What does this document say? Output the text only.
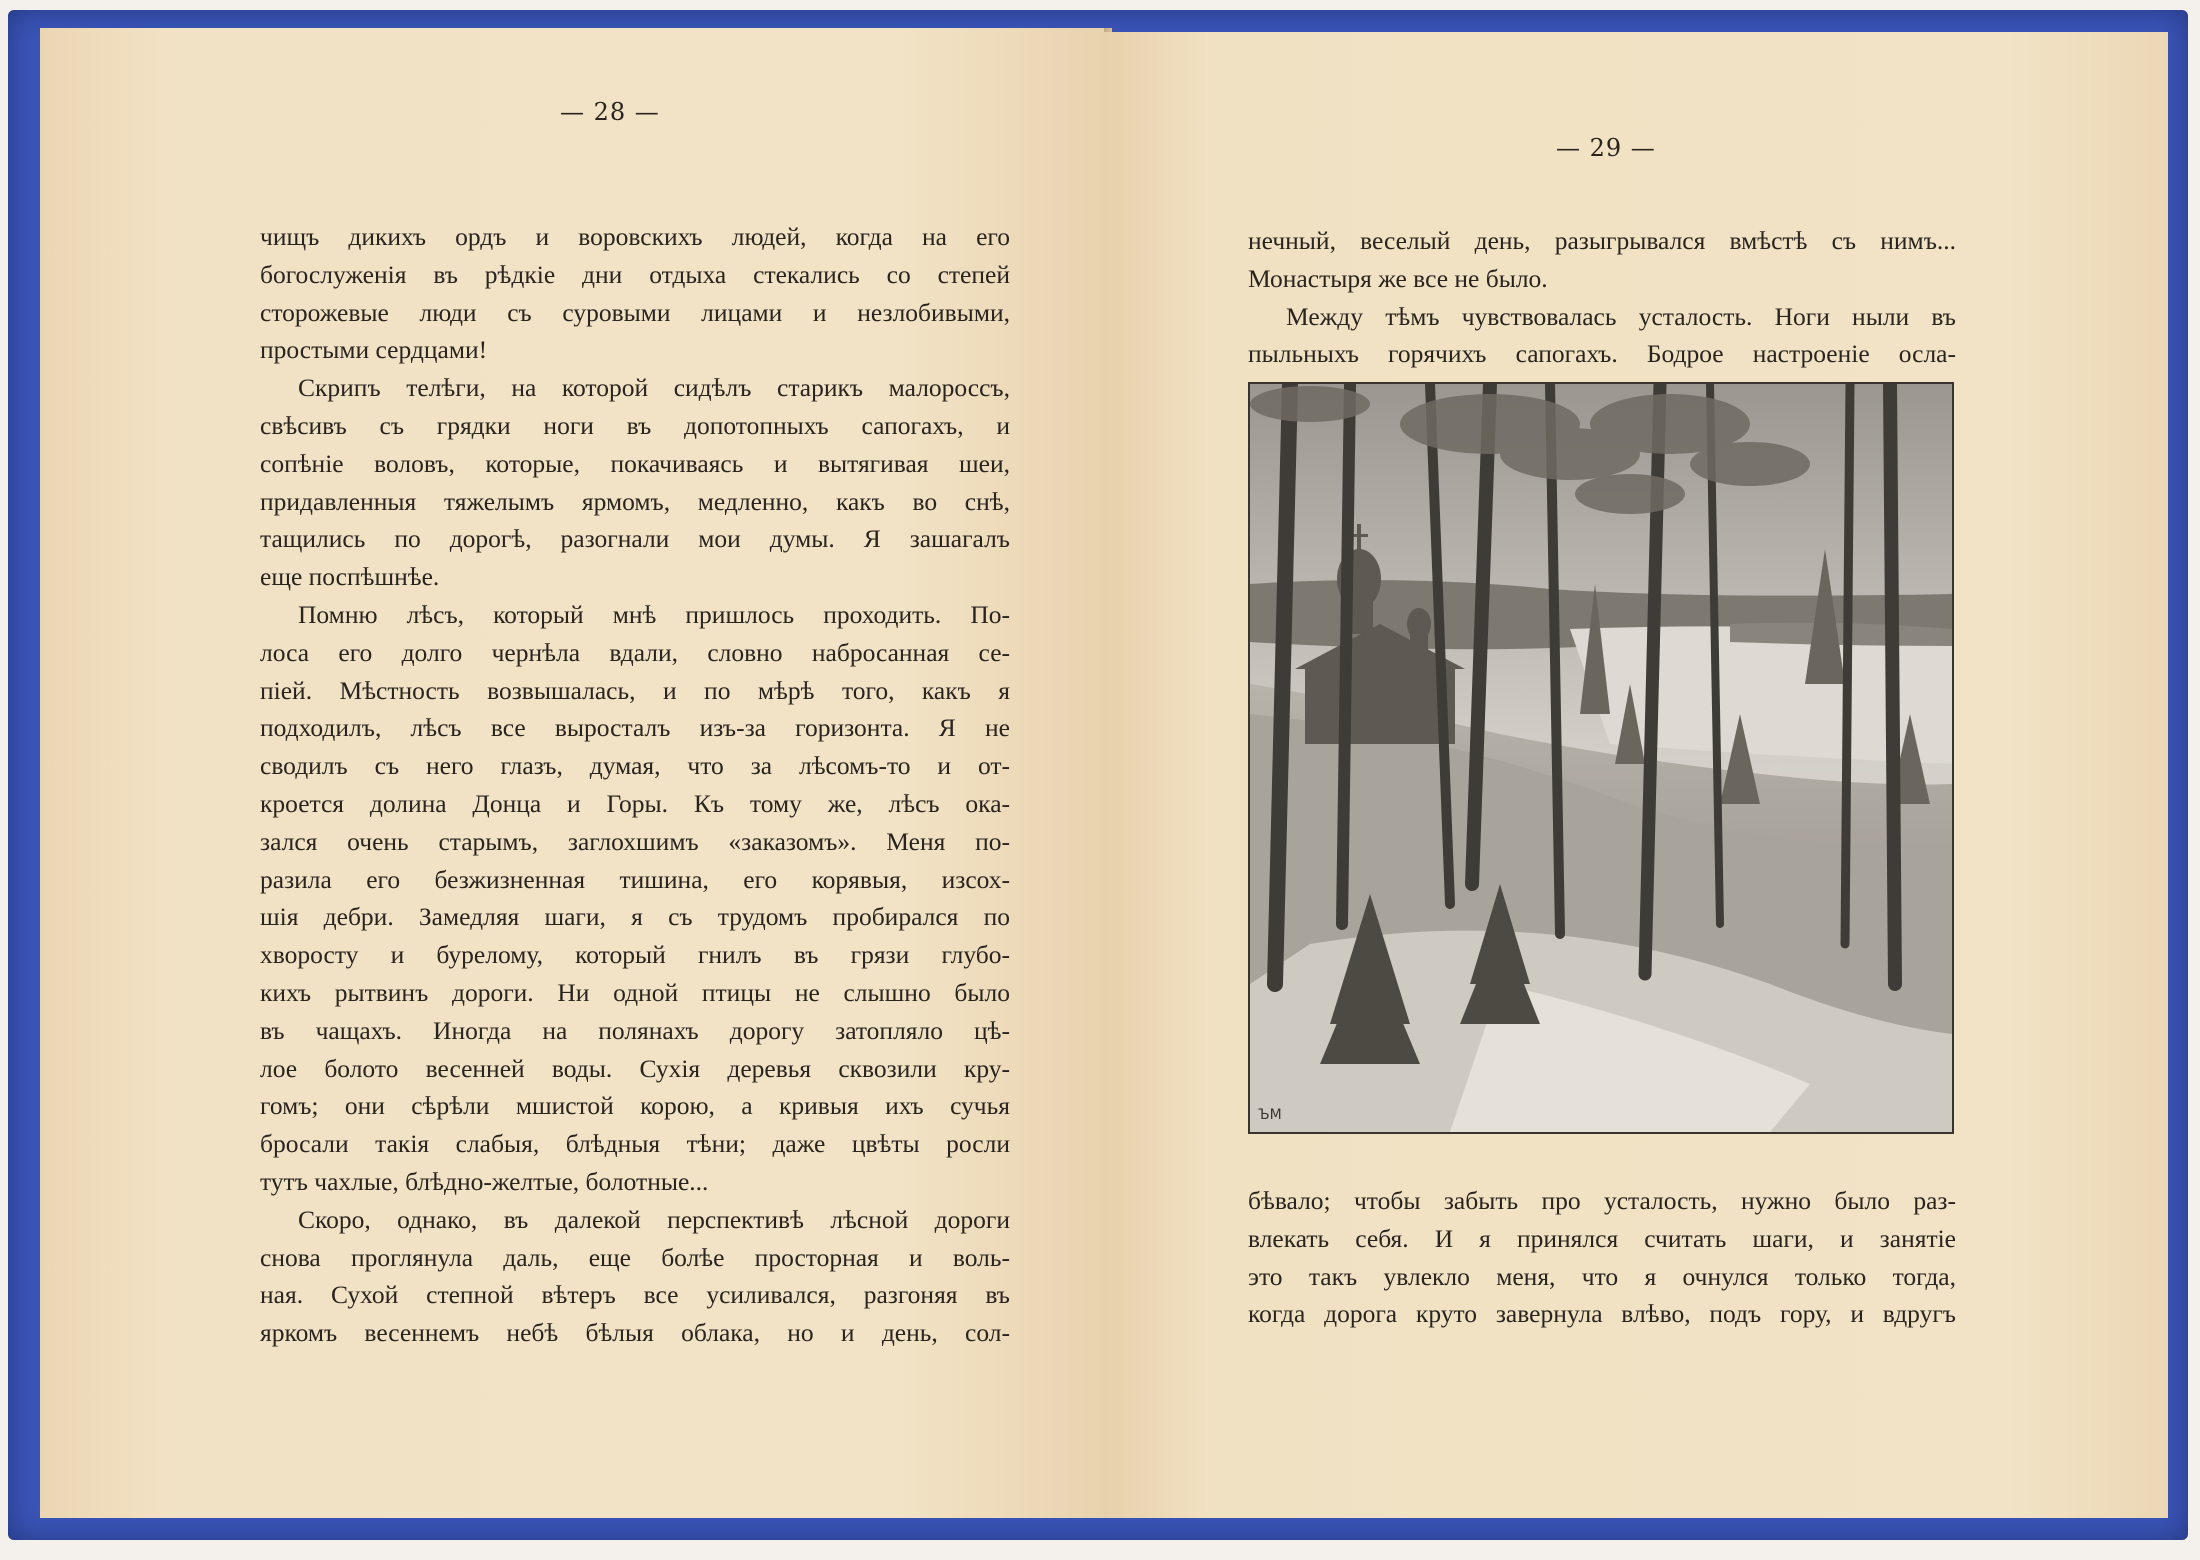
— 28 —
чищъ дикихъ ордъ и воровскихъ людей, когда на его
богослуженія въ рѣдкіе дни отдыха стекались со степей
сторожевые люди съ суровыми лицами и незлобивыми,
простыми сердцами!
Скрипъ телѣги, на которой сидѣлъ старикъ малороссъ,
свѣсивъ съ грядки ноги въ допотопныхъ сапогахъ, и
сопѣніе воловъ, которые, покачиваясь и вытягивая шеи,
придавленныя тяжелымъ ярмомъ, медленно, какъ во снѣ,
тащились по дорогѣ, разогнали мои думы. Я зашагалъ
еще поспѣшнѣе.
Помню лѣсъ, который мнѣ пришлось проходить. По-
лоса его долго чернѣла вдали, словно набросанная се-
піей. Мѣстность возвышалась, и по мѣрѣ того, какъ я
подходилъ, лѣсъ все выросталъ изъ-за горизонта. Я не
сводилъ съ него глазъ, думая, что за лѣсомъ-то и от-
кроется долина Донца и Горы. Къ тому же, лѣсъ ока-
зался очень старымъ, заглохшимъ «заказомъ». Меня по-
разила его безжизненная тишина, его корявыя, изсох-
шія дебри. Замедляя шаги, я съ трудомъ пробирался по
хворосту и бурелому, который гнилъ въ грязи глубо-
кихъ рытвинъ дороги. Ни одной птицы не слышно было
въ чащахъ. Иногда на полянахъ дорогу затопляло цѣ-
лое болото весенней воды. Сухія деревья сквозили кру-
гомъ; они сѣрѣли мшистой корою, а кривыя ихъ сучья
бросали такія слабыя, блѣдныя тѣни; даже цвѣты росли
тутъ чахлые, блѣдно-желтые, болотные...
Скоро, однако, въ далекой перспективѣ лѣсной дороги
снова проглянула даль, еще болѣе просторная и воль-
ная. Сухой степной вѣтеръ все усиливался, разгоняя въ
яркомъ весеннемъ небѣ бѣлыя облака, но и день, сол-
— 29 —
нечный, веселый день, разыгрывался вмѣстѣ съ нимъ...
Монастыря же все не было.
Между тѣмъ чувствовалась усталость. Ноги ныли въ
пыльныхъ горячихъ сапогахъ. Бодрое настроеніе осла-
ЪМ
бѣвало; чтобы забыть про усталость, нужно было раз-
влекать себя. И я принялся считать шаги, и занятіе
это такъ увлекло меня, что я очнулся только тогда,
когда дорога круто завернула влѣво, подъ гору, и вдругъ
